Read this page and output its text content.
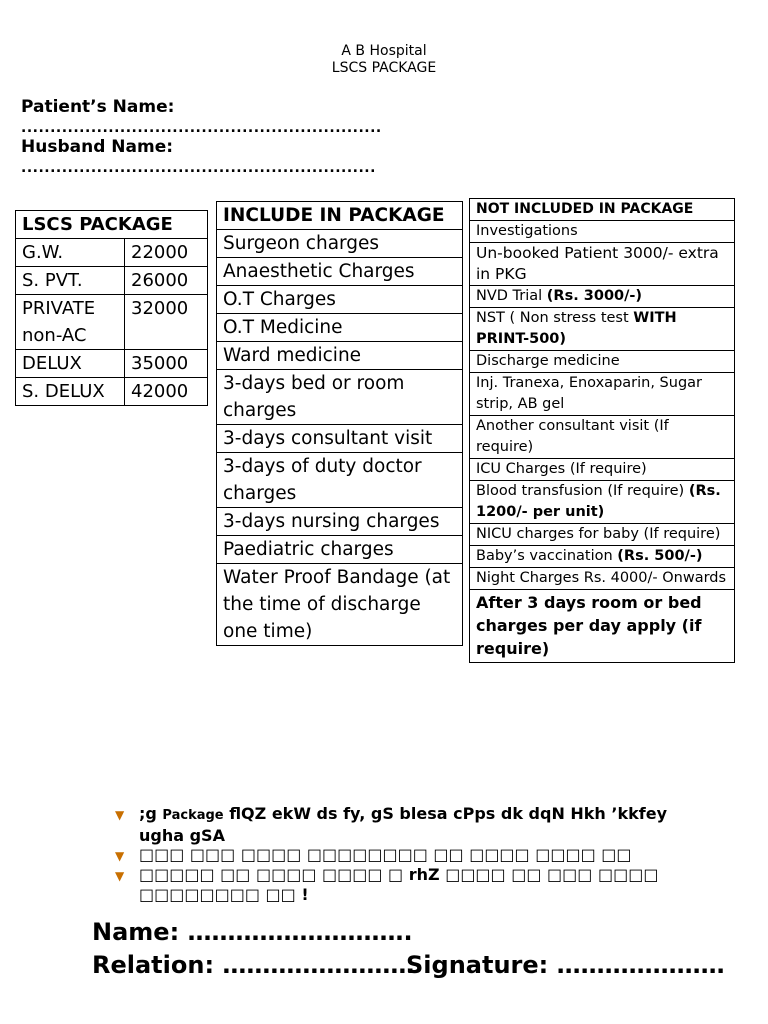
A B Hospital
LSCS PACKAGE
Patient’s Name:
..............................................................
Husband Name:
.............................................................
LSCS PACKAGE	
G.W.	22000
S. PVT.	26000
PRIVATE non-AC	32000
DELUX	35000
S. DELUX	42000
INCLUDE IN PACKAGE
Surgeon charges
Anaesthetic Charges
O.T Charges
O.T Medicine
Ward medicine
3-days bed or room charges
3-days consultant visit
3-days of duty doctor charges
3-days nursing charges
Paediatric charges
Water Proof Bandage (at the time of discharge one time)
NOT INCLUDED IN PACKAGE
Investigations
Un-booked Patient 3000/- extra in PKG
NVD Trial (Rs. 3000/-)
NST ( Non stress test WITH PRINT-500)
Discharge medicine
Inj. Tranexa, Enoxaparin, Sugar strip, AB gel
Another consultant visit (If require)
ICU Charges (If require)
Blood transfusion (If require) (Rs. 1200/- per unit)
NICU charges for baby (If require)
Baby’s vaccination (Rs. 500/-)
Night Charges Rs. 4000/- Onwards
After 3 days room or bed charges per day apply (if require)
▼ ;g Package flQZ ekW ds fy, gS blesa cPps dk dqN Hkh ’kkfey ugha gSA
▼ □□□ □□□ □□□□ □□□□□□□□ □□ □□□□ □□□□ □□
▼ □□□□□ □□ □□□□ □□□□ □ rhZ □□□□ □□ □□□ □□□□ □□□□□□□□ □□ !
Name: ……………………….
Relation: ……………………
Signature: …………………
